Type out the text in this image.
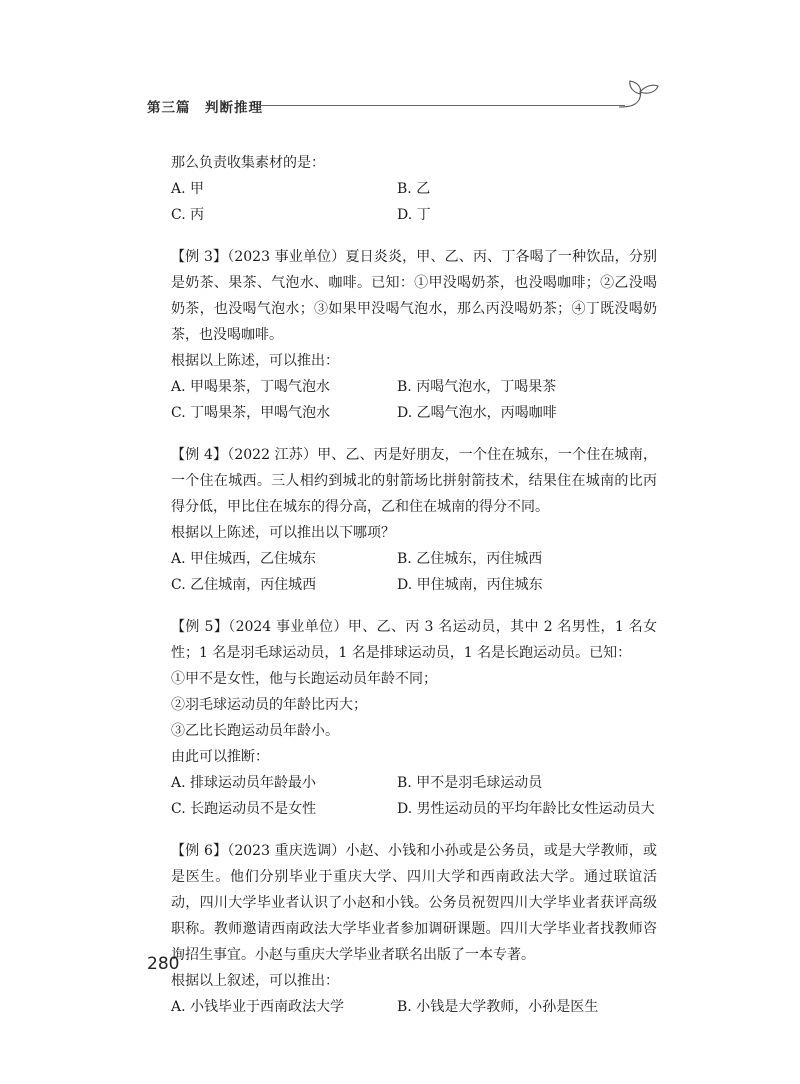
第三篇　判断推理

那么负责收集素材的是：

A. 甲	B. 乙
C. 丙	D. 丁

【例 3】（2023 事业单位）夏日炎炎，甲、乙、丙、丁各喝了一种饮品，分别是奶茶、果茶、气泡水、咖啡。已知：①甲没喝奶茶，也没喝咖啡；②乙没喝奶茶，也没喝气泡水；③如果甲没喝气泡水，那么丙没喝奶茶；④丁既没喝奶茶，也没喝咖啡。

根据以上陈述，可以推出：

A. 甲喝果茶，丁喝气泡水	B. 丙喝气泡水，丁喝果茶
C. 丁喝果茶，甲喝气泡水	D. 乙喝气泡水，丙喝咖啡

【例 4】（2022 江苏）甲、乙、丙是好朋友，一个住在城东，一个住在城南，一个住在城西。三人相约到城北的射箭场比拼射箭技术，结果住在城南的比丙得分低，甲比住在城东的得分高，乙和住在城南的得分不同。

根据以上陈述，可以推出以下哪项？

A. 甲住城西，乙住城东	B. 乙住城东，丙住城西
C. 乙住城南，丙住城西	D. 甲住城南，丙住城东

【例 5】（2024 事业单位）甲、乙、丙 3 名运动员，其中 2 名男性，1 名女性；1 名是羽毛球运动员，1 名是排球运动员，1 名是长跑运动员。已知：

①甲不是女性，他与长跑运动员年龄不同；

②羽毛球运动员的年龄比丙大；

③乙比长跑运动员年龄小。

由此可以推断：

A. 排球运动员年龄最小	B. 甲不是羽毛球运动员
C. 长跑运动员不是女性	D. 男性运动员的平均年龄比女性运动员大

【例 6】（2023 重庆选调）小赵、小钱和小孙或是公务员，或是大学教师，或是医生。他们分别毕业于重庆大学、四川大学和西南政法大学。通过联谊活动，四川大学毕业者认识了小赵和小钱。公务员祝贺四川大学毕业者获评高级职称。教师邀请西南政法大学毕业者参加调研课题。四川大学毕业者找教师咨询招生事宜。小赵与重庆大学毕业者联名出版了一本专著。

根据以上叙述，可以推出：

A. 小钱毕业于西南政法大学	B. 小钱是大学教师，小孙是医生
280
